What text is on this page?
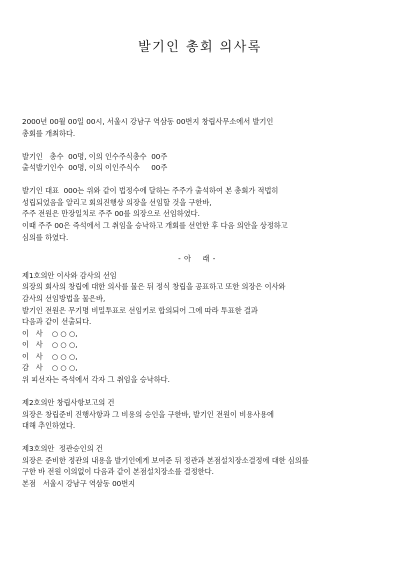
발기인 총회 의사록

2000년 00월 00일 00시, 서울시 강남구 역삼동 00번지 창립사무소에서 발기인

총회를 개최하다.

발기인   총수  00명, 이의 인수주식총수  00주

출석발기인수  00명, 이의 이인주식수     00주

발기인 대표  000는 위와 같이 법정수에 달하는 주주가 출석하여 본 총회가 적법히

성립되었음을 알리고 회의진행상 의장을 선임할 것을 구한바,

주주 전원은 만장일치로 주주 00를 의장으로 선임하였다.

이때 주주 00은 즉석에서 그 취임을 승낙하고 개회를 선언한 후 다음 의안을 상정하고

심의를 하였다.

- 아    래 -

제1호의안 이사와 감사의 선임

의장의 회사의 창립에 대한 의사를 물은 뒤 정식 창립을 공표하고 또한 의장은 이사와

감사의 선임방법을 물은바,

발기인 전원은 무기명 비밀투표로 선임키로 합의되어 그에 따라 투표한 결과

다음과 같이 선출되다.

이   사    ○ ○ ○,

이   사    ○ ○ ○,

이   사    ○ ○ ○,

감   사    ○ ○ ○,

위 피선자는 즉석에서 각자 그 취임을 승낙하다.

제2호의안 창립사항보고의 건

의장은 창립준비 진행사항과 그 비용의 승인을 구한바, 발기인 전원이 비용사용에

대해 추인하였다.

제3호의안  정관승인의 건

의장은 준비한 정관의 내용을 발기인에게 보여준 뒤 정관과 본점설치장소결정에 대한 심의를

구한 바 전원 이의없이 다음과 같이 본점설치장소를 결정한다.

본점   서울시 강남구 역삼동 00번지
